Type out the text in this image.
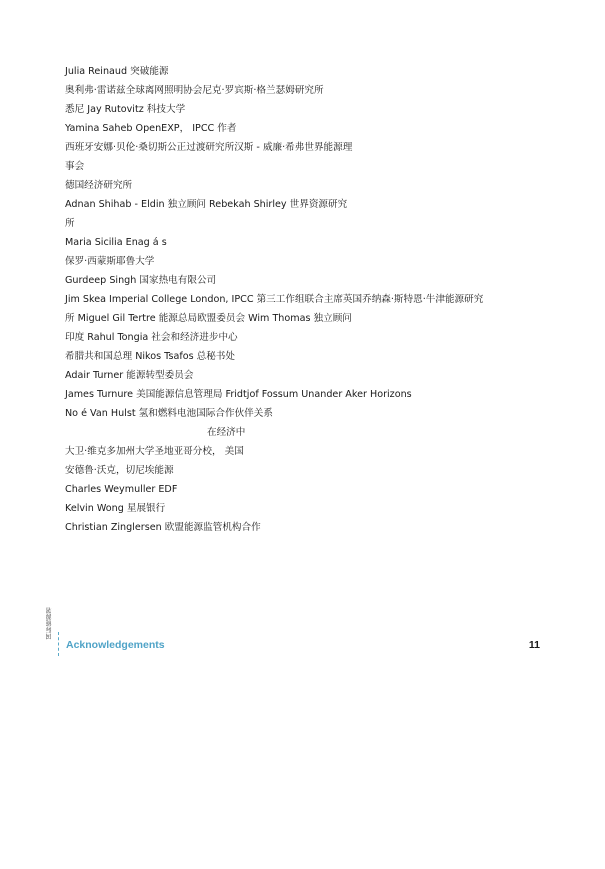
Julia Reinaud 突破能源
奥利弗·雷诺兹全球离网照明协会尼克·罗宾斯·格兰瑟姆研究所
悉尼 Jay Rutovitz 科技大学
Yamina Saheb OpenEXP， IPCC 作者
西班牙安娜·贝伦·桑切斯公正过渡研究所汉斯 - 威廉·希弗世界能源理
事会
德国经济研究所
Adnan Shihab - Eldin 独立顾问 Rebekah Shirley 世界资源研究
所
Maria Sicilia Enag á s
保罗·西蒙斯耶鲁大学
Gurdeep Singh 国家热电有限公司
Jim Skea Imperial College London, IPCC 第三工作组联合主席英国乔纳森·斯特恩·牛津能源研究
所 Miguel Gil Tertre 能源总局欧盟委员会 Wim Thomas 独立顾问
印度 Rahul Tongia 社会和经济进步中心
希腊共和国总理 Nikos Tsafos 总秘书处
Adair Turner 能源转型委员会
James Turnure 美国能源信息管理局 Fridtjof Fossum Unander Aker Horizons
No é Van Hulst 氢和燃料电池国际合作伙伴关系
在经济中
大卫·维克多加州大学圣地亚哥分校， 美国
安德鲁·沃克，切尼埃能源
Charles Weymuller EDF
Kelvin Wong 星展银行
Christian Zinglersen 欧盟能源监管机构合作
国际能源署
Acknowledgements	11
